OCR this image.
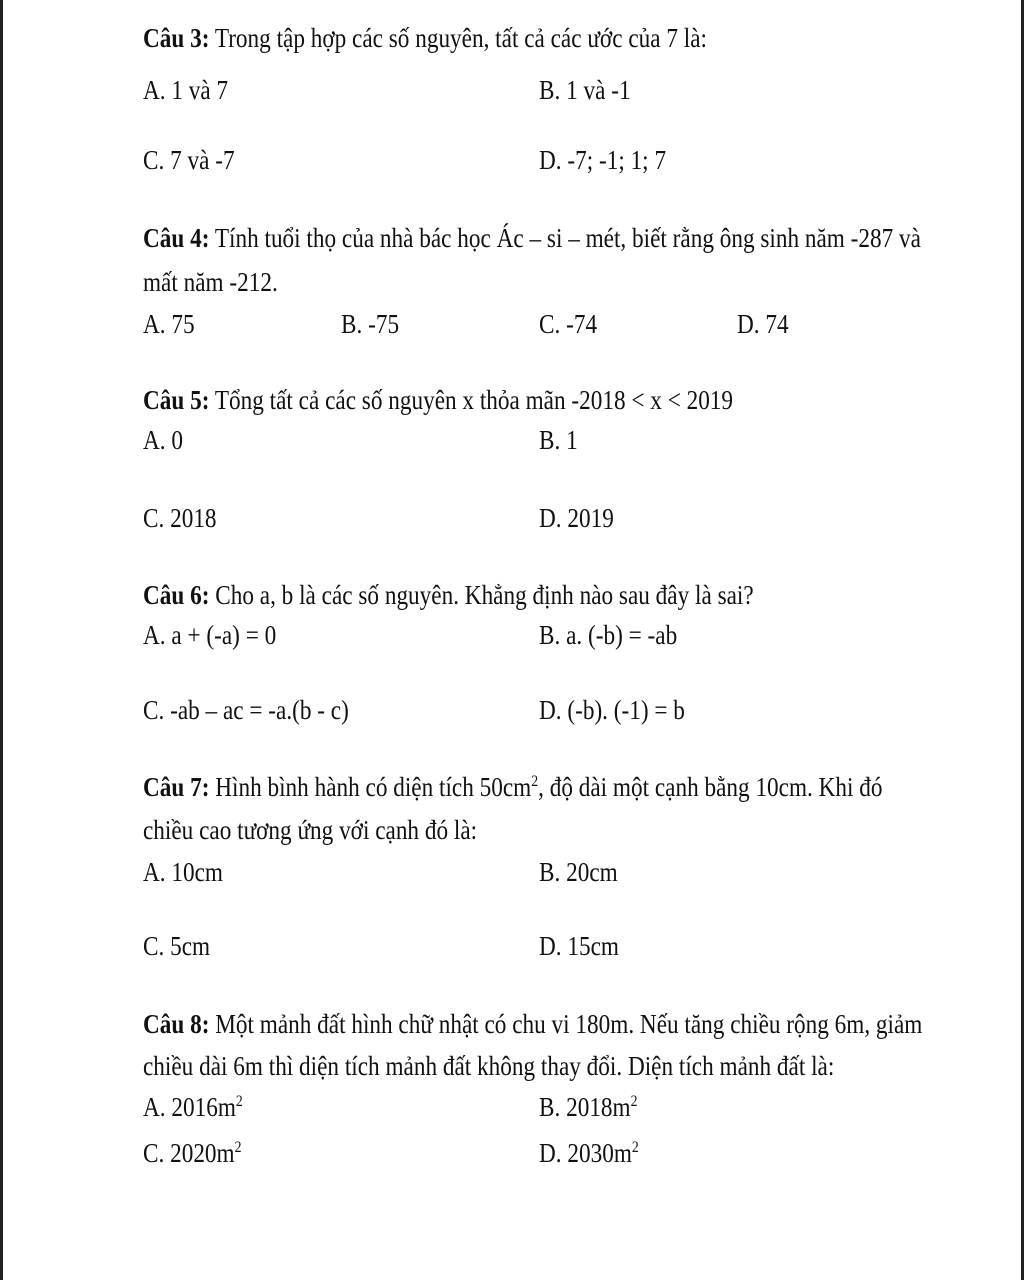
Câu 3: Trong tập hợp các số nguyên, tất cả các ước của 7 là:
A. 1 và 7	B. 1 và -1
C. 7 và -7	D. -7; -1; 1; 7
Câu 4: Tính tuổi thọ của nhà bác học Ác – si – mét, biết rằng ông sinh năm -287 và
mất năm -212.
A. 75	B. -75	C. -74	D. 74
Câu 5: Tổng tất cả các số nguyên x thỏa mãn -2018 < x < 2019
A. 0	B. 1
C. 2018	D. 2019
Câu 6: Cho a, b là các số nguyên. Khẳng định nào sau đây là sai?
A. a + (-a) = 0	B. a. (-b) = -ab
C. -ab – ac = -a.(b - c)	D. (-b). (-1) = b
Câu 7: Hình bình hành có diện tích $50cm^2$, độ dài một cạnh bằng 10cm. Khi đó
chiều cao tương ứng với cạnh đó là:
A. 10cm	B. 20cm
C. 5cm	D. 15cm
Câu 8: Một mảnh đất hình chữ nhật có chu vi 180m. Nếu tăng chiều rộng 6m, giảm
chiều dài 6m thì diện tích mảnh đất không thay đổi. Diện tích mảnh đất là:
A. $2016m^2$	B. $2018m^2$
C. $2020m^2$	D. $2030m^2$
